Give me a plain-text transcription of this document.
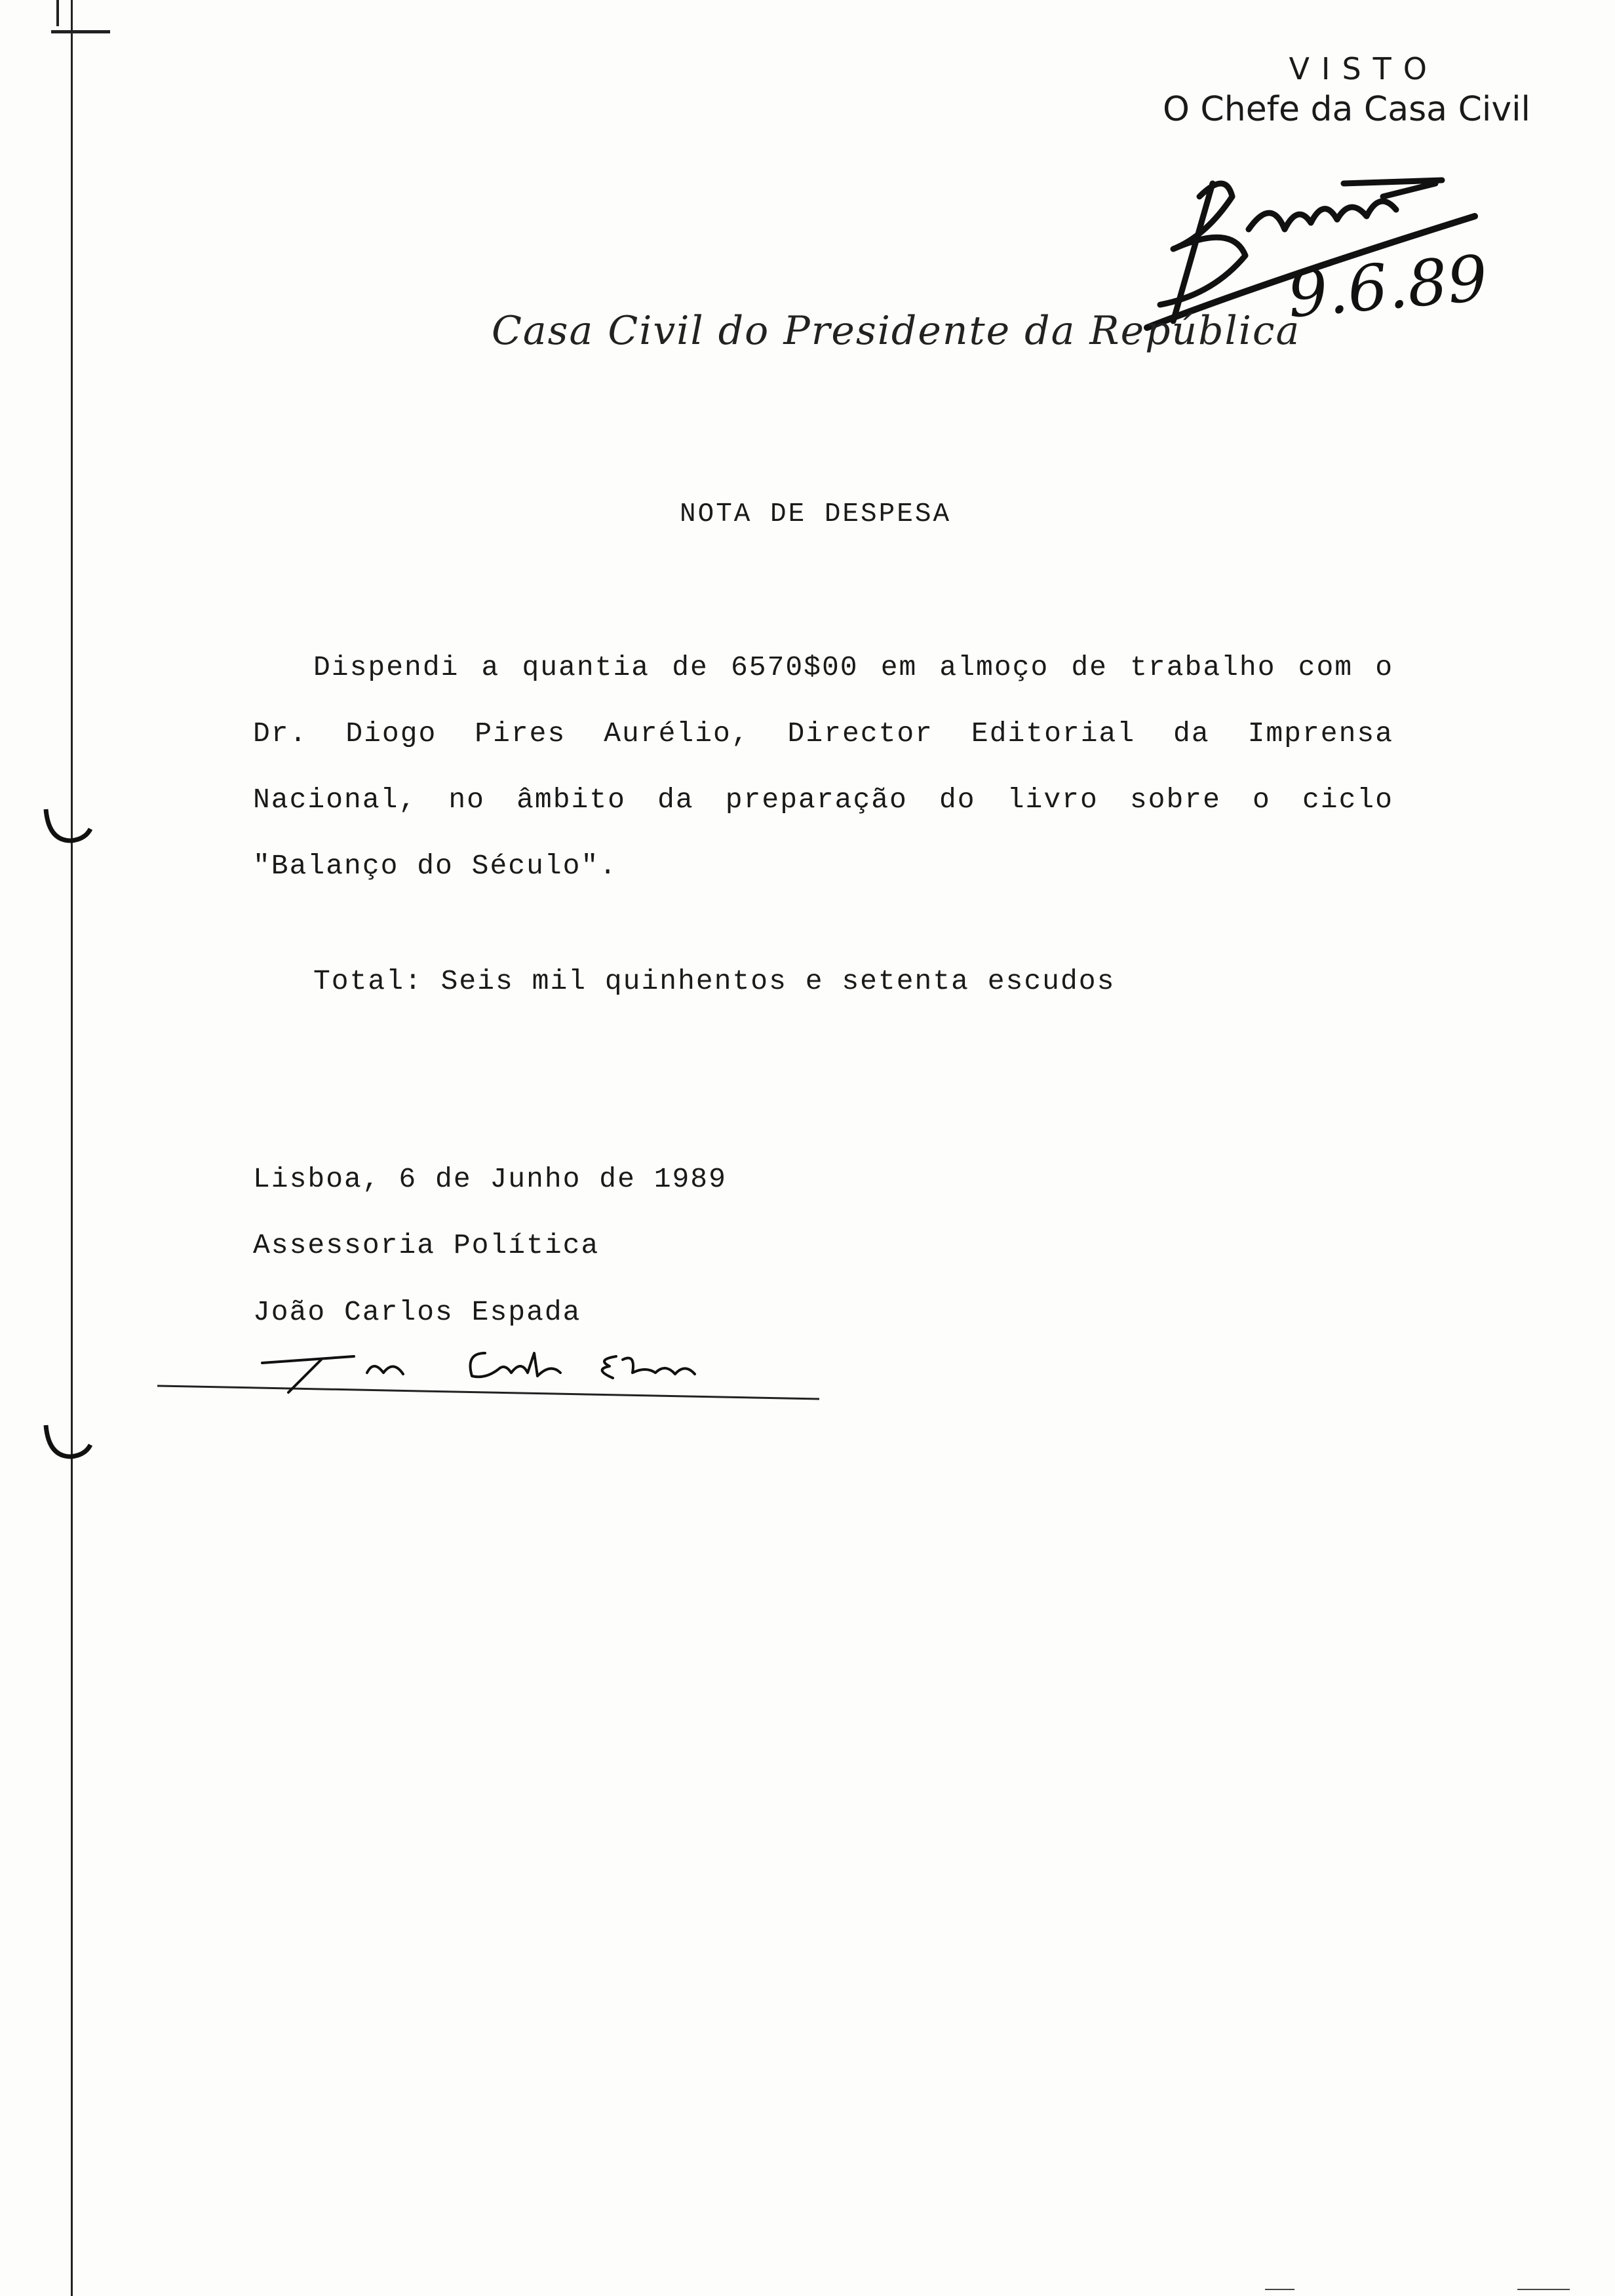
VISTO
O Chefe da Casa Civil
9.6.89
Casa Civil do Presidente da República
NOTA DE DESPESA
Dispendi a quantia de 6570$00 em almoço de trabalho com o Dr. Diogo Pires Aurélio, Director Editorial da Imprensa Nacional, no âmbito da preparação do livro sobre o ciclo "Balanço do Século".
Total: Seis mil quinhentos e setenta escudos
Lisboa, 6 de Junho de 1989
Assessoria Política
João Carlos Espada
